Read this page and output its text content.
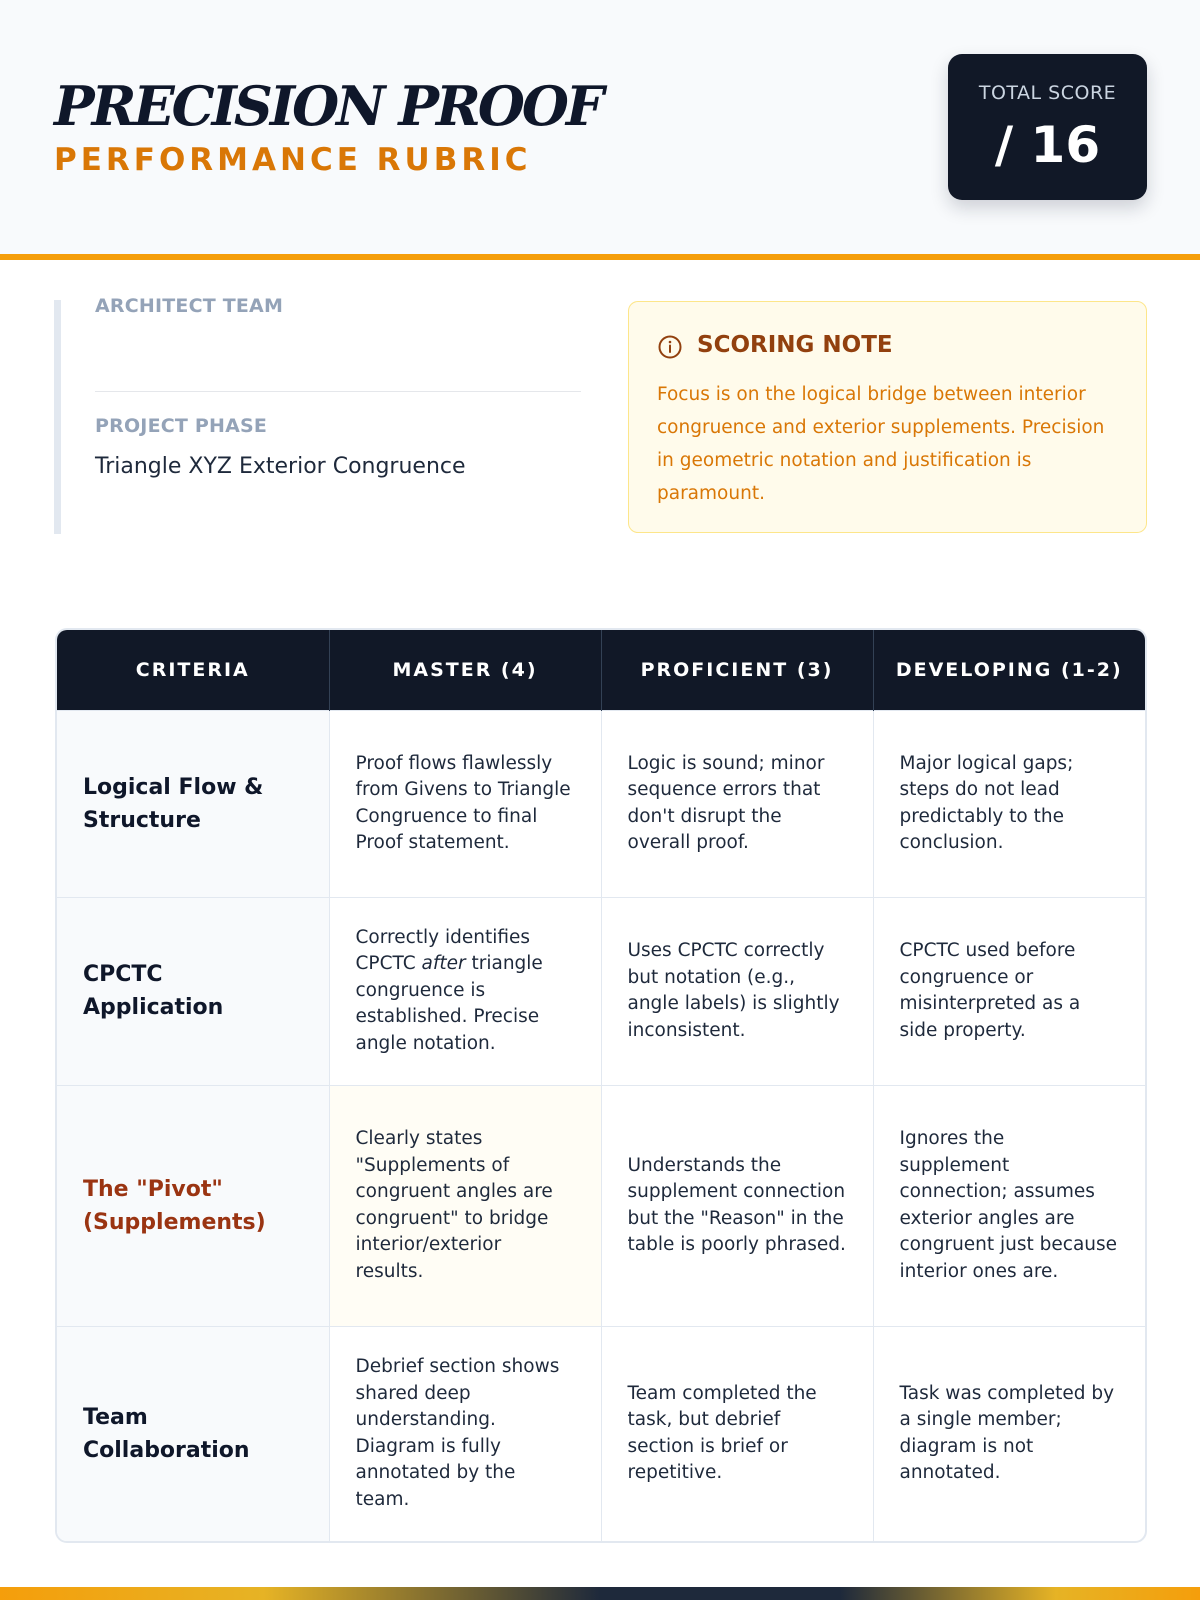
PRECISION PROOF
PERFORMANCE RUBRIC
TOTAL SCORE
/ 16
ARCHITECT TEAM
PROJECT PHASE
Triangle XYZ Exterior Congruence
SCORING NOTE
Focus is on the logical bridge between interior congruence and exterior supplements. Precision in geometric notation and justification is paramount.
CRITERIA	MASTER (4)	PROFICIENT (3)	DEVELOPING (1-2)
Logical Flow & Structure	Proof flows flawlessly from Givens to Triangle Congruence to final Proof statement.	Logic is sound; minor sequence errors that don't disrupt the overall proof.	Major logical gaps; steps do not lead predictably to the conclusion.
CPCTC Application	Correctly identifies CPCTC after triangle congruence is established. Precise angle notation.	Uses CPCTC correctly but notation (e.g., angle labels) is slightly inconsistent.	CPCTC used before congruence or misinterpreted as a side property.
The "Pivot" (Supplements)	Clearly states "Supplements of congruent angles are congruent" to bridge interior/exterior results.	Understands the supplement connection but the "Reason" in the table is poorly phrased.	Ignores the supplement connection; assumes exterior angles are congruent just because interior ones are.
Team Collaboration	Debrief section shows shared deep understanding. Diagram is fully annotated by the team.	Team completed the task, but debrief section is brief or repetitive.	Task was completed by a single member; diagram is not annotated.
